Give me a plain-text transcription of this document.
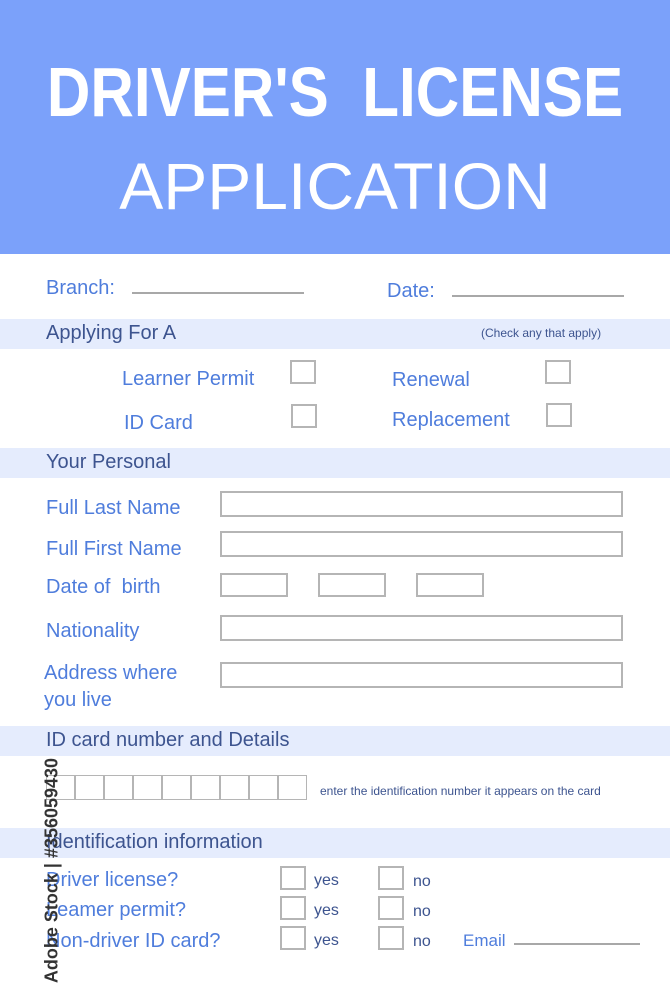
DRIVER'S  LICENSE
APPLICATION
Branch:	Date:
Applying For A	(Check any that apply)
Learner Permit	Renewal
ID Card	Replacement
Your Personal
Full Last Name
Full First Name
Date of  birth
Nationality
Address where you live
ID card number and Details
enter the identification number it appears on the card
Identification information
Driver license?	yes	no
Leamer permit?	yes	no
Non-driver ID card?	yes	no Email
Adobe Stock | #356059430
